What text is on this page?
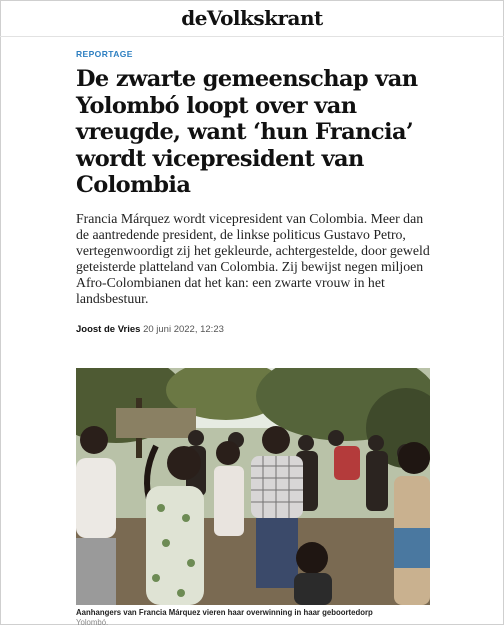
deVolkskrant
REPORTAGE
De zwarte gemeenschap van Yolombó loopt over van vreugde, want ‘hun Francia’ wordt vicepresident van Colombia

Francia Márquez wordt vicepresident van Colombia. Meer dan de aantredende president, de linkse politicus Gustavo Petro, vertegenwoordigt zij het gekleurde, achtergestelde, door geweld geteisterde platteland van Colombia. Zij bewijst negen miljoen Afro-Colombianen dat het kan: een zwarte vrouw in het landsbestuur.

Joost de Vries 20 juni 2022, 12:23
Aanhangers van Francia Márquez vieren haar overwinning in haar geboortedorp
Yolombó.
